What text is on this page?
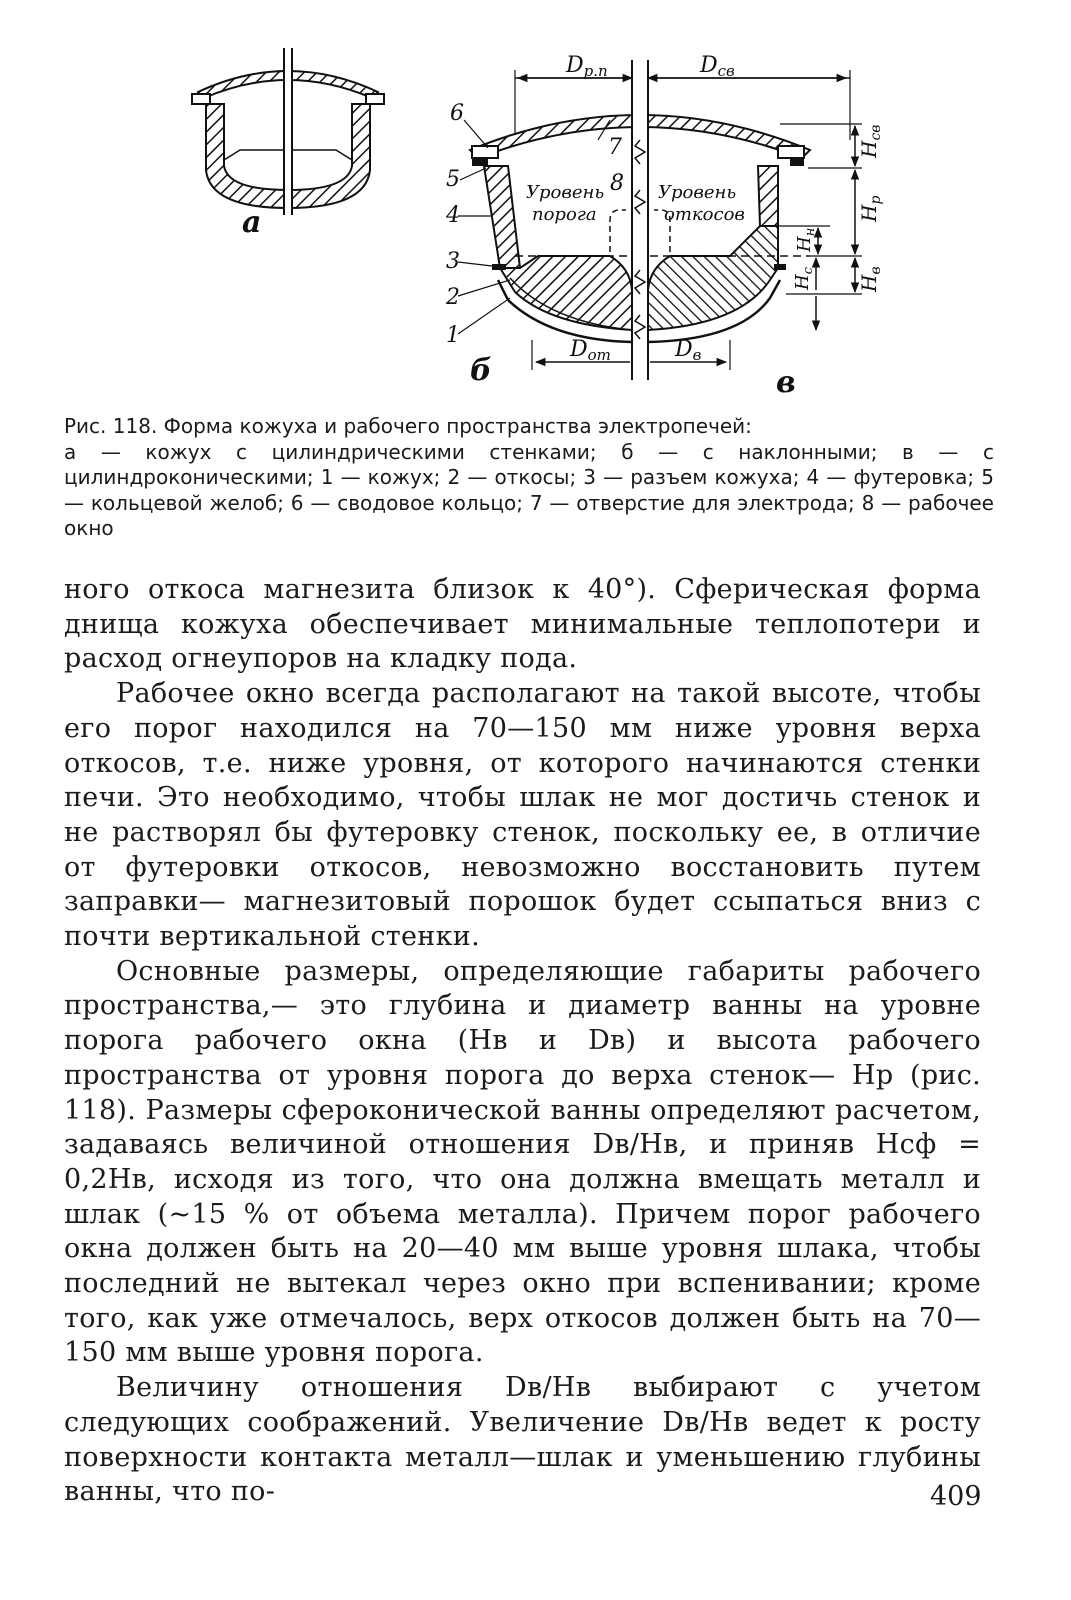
а
Dр.п	Dсв
Dот	Dв
$H_{св}$
$H_р$
$H_н$
$H_в$
$H_с$
6
5
4
3
2
1
7
8
Уровень порога
Уровень откосов
б	в

Рис. 118. Форма кожуха и рабочего пространства электропечей:

а — кожух с цилиндрическими стенками; б — с наклонными; в — с цилиндроконическими; 1 — кожух; 2 — откосы; 3 — разъем кожуха; 4 — футеровка; 5 — кольцевой желоб; 6 — сводовое кольцо; 7 — отверстие для электрода; 8 — рабочее окно

ного откоса магнезита близок к 40°). Сферическая форма днища кожуха обеспечивает минимальные теплопотери и расход огнеупоров на кладку пода.

Рабочее окно всегда располагают на такой высоте, чтобы его порог находился на 70—150 мм ниже уровня верха откосов, т.е. ниже уровня, от которого начинаются стенки печи. Это необходимо, чтобы шлак не мог достичь стенок и не растворял бы футеровку стенок, поскольку ее, в отличие от футеровки откосов, невозможно восстановить путем заправки— магнезитовый порошок будет ссыпаться вниз с почти вертикальной стенки.

Основные размеры, определяющие габариты рабочего пространства,— это глубина и диаметр ванны на уровне порога рабочего окна (Hв и Dв) и высота рабочего пространства от уровня порога до верха стенок— Hр (рис. 118). Размеры сфероконической ванны определяют расчетом, задаваясь величиной отношения Dв/Hв, и приняв Hсф = 0,2Hв, исходя из того, что она должна вмещать металл и шлак (~15 % от объема металла). Причем порог рабочего окна должен быть на 20—40 мм выше уровня шлака, чтобы последний не вытекал через окно при вспенивании; кроме того, как уже отмечалось, верх откосов должен быть на 70—150 мм выше уровня порога.

Величину отношения Dв/Hв выбирают с учетом следующих соображений. Увеличение Dв/Hв ведет к росту поверхности контакта металл—шлак и уменьшению глубины ванны, что по-	409
